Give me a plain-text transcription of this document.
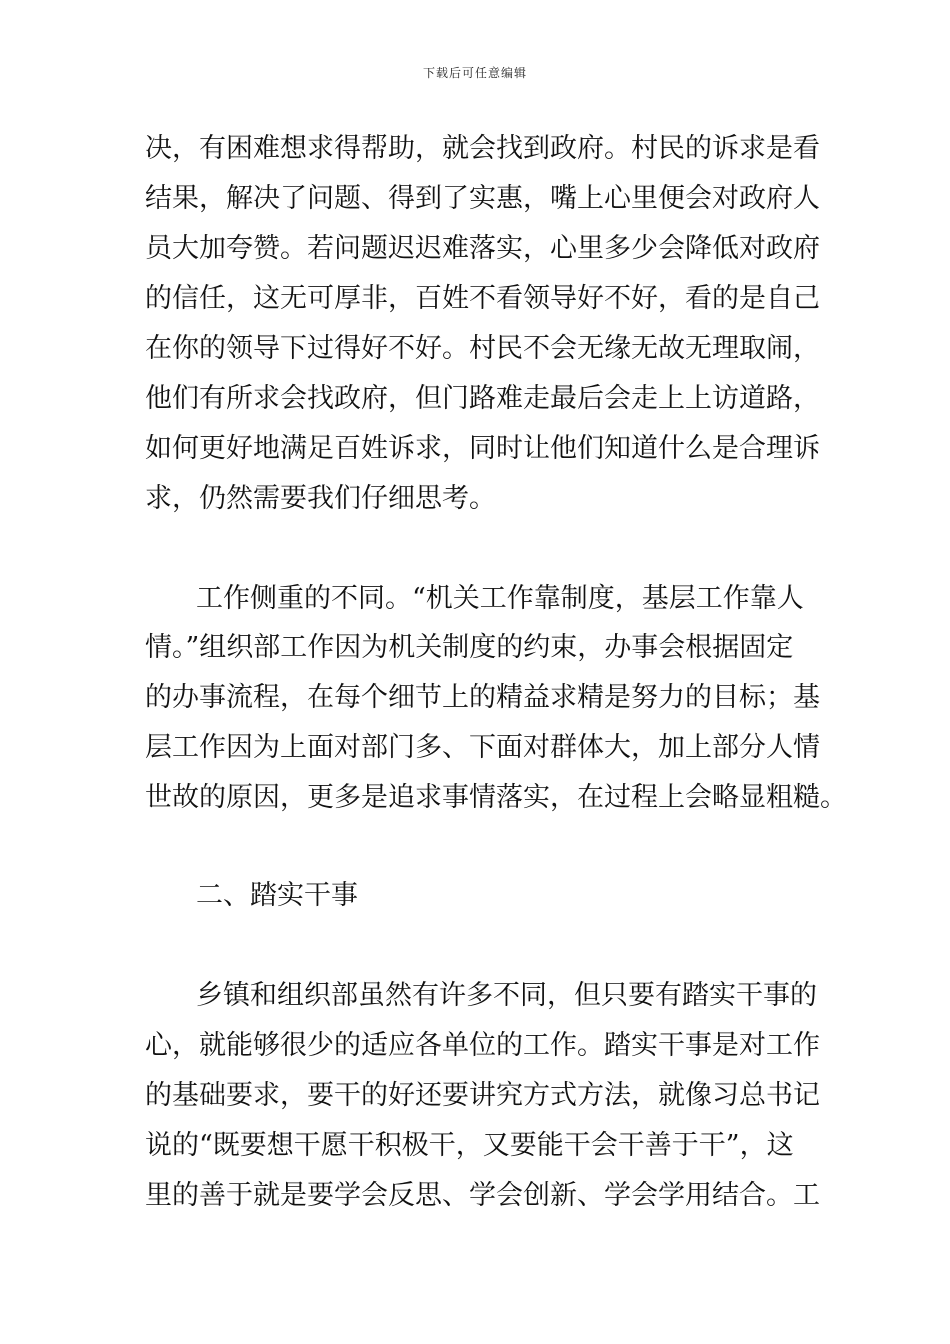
下载后可任意编辑

决，有困难想求得帮助，就会找到政府。村民的诉求是看

结果，解决了问题、得到了实惠，嘴上心里便会对政府人

员大加夸赞。若问题迟迟难落实，心里多少会降低对政府

的信任，这无可厚非，百姓不看领导好不好，看的是自己

在你的领导下过得好不好。村民不会无缘无故无理取闹，

他们有所求会找政府，但门路难走最后会走上上访道路，

如何更好地满足百姓诉求，同时让他们知道什么是合理诉

求，仍然需要我们仔细思考。

工作侧重的不同。“机关工作靠制度，基层工作靠人

情。”组织部工作因为机关制度的约束，办事会根据固定

的办事流程，在每个细节上的精益求精是努力的目标；基

层工作因为上面对部门多、下面对群体大，加上部分人情

世故的原因，更多是追求事情落实，在过程上会略显粗糙。

二、踏实干事

乡镇和组织部虽然有许多不同，但只要有踏实干事的

心，就能够很少的适应各单位的工作。踏实干事是对工作

的基础要求，要干的好还要讲究方式方法，就像习总书记

说的“既要想干愿干积极干，又要能干会干善于干”，这

里的善于就是要学会反思、学会创新、学会学用结合。工
